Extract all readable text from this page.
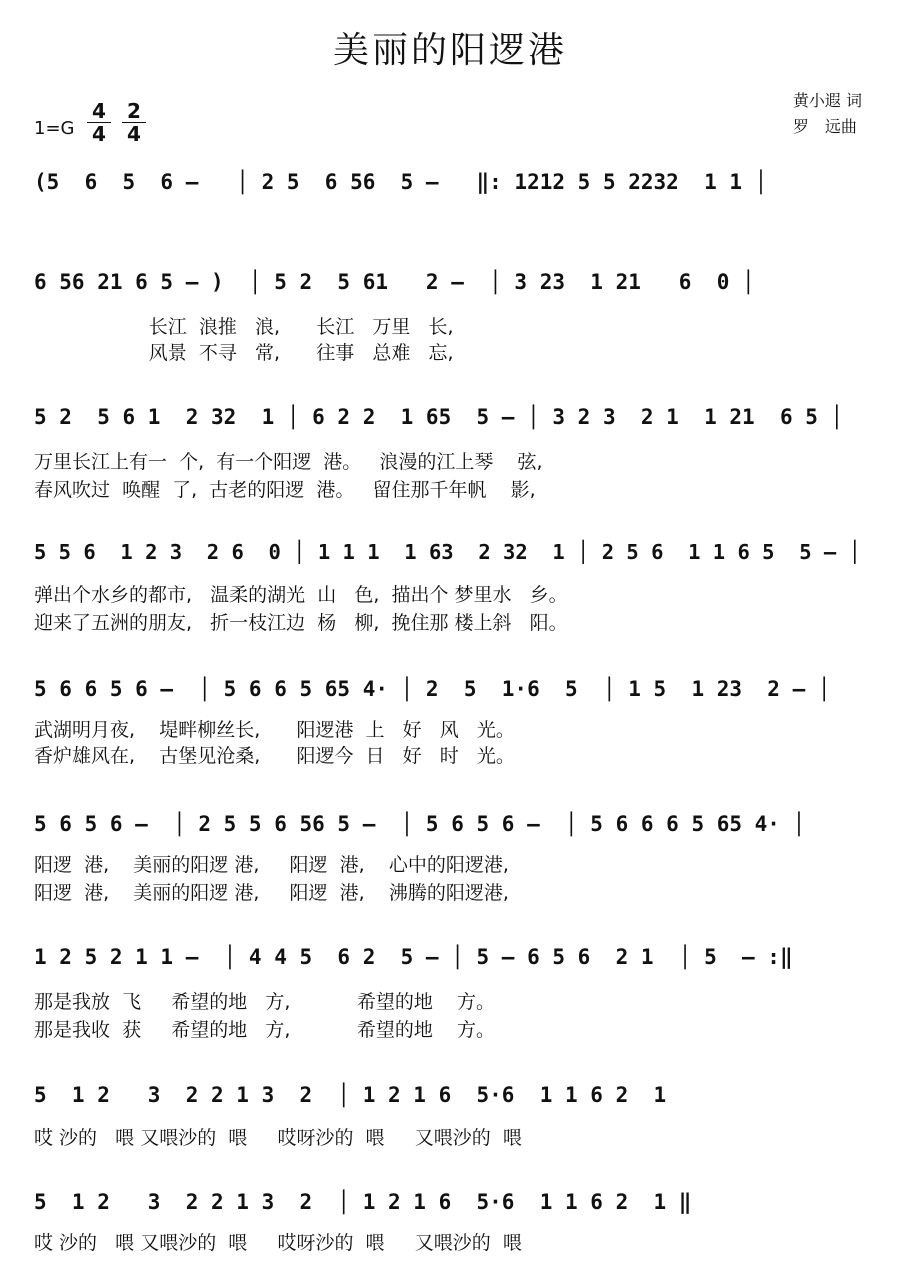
美丽的阳逻港
黄小遐 词
罗　远曲
$1=G \frac{4}{4} \frac{2}{4}$
(5  6  5  6 –   │ 2 5  6 56  5 –   ‖: 1212 5 5 2232  1 1 │
6 56 21 6 5 – )  │ 5 2  5 61   2 –  │ 3 23  1 21   6  0 │
长江  浪推   浪,      长江   万里   长,
风景  不寻   常,      往事   总难   忘,
5 2  5 6 1  2 32  1 │ 6 2 2  1 65  5 – │ 3 2 3  2 1  1 21  6 5 │
万里长江上有一  个,  有一个阳逻  港。   浪漫的江上琴    弦,
春风吹过  唤醒  了,  古老的阳逻  港。   留住那千年帆    影,
5 5 6  1 2 3  2 6  0 │ 1 1 1  1 63  2 32  1 │ 2 5 6  1 1 6 5  5 – │
弹出个水乡的都市,   温柔的湖光  山   色,  描出个 梦里水   乡。
迎来了五洲的朋友,   折一枝江边  杨   柳,  挽住那 楼上斜   阳。
5 6 6 5 6 –  │ 5 6 6 5 65 4· │ 2  5  1·6  5  │ 1 5  1 23  2 – │
武湖明月夜,    堤畔柳丝长,      阳逻港  上   好   风   光。
香炉雄风在,    古堡见沧桑,      阳逻今  日   好   时   光。
5 6 5 6 –  │ 2 5 5 6 56 5 –  │ 5 6 5 6 –  │ 5 6 6 6 5 65 4· │
阳逻  港,    美丽的阳逻 港,     阳逻  港,    心中的阳逻港,
阳逻  港,    美丽的阳逻 港,     阳逻  港,    沸腾的阳逻港,
1 2 5 2 1 1 –  │ 4 4 5  6 2  5 – │ 5 – 6 5 6  2 1  │ 5  – :‖
那是我放  飞     希望的地   方,           希望的地    方。
那是我收  获     希望的地   方,           希望的地    方。
5  1 2   3  2 2 1 3  2  │ 1 2 1 6  5·6  1 1 6 2  1
哎 沙的   喂 又喂沙的  喂     哎呀沙的  喂     又喂沙的  喂
5  1 2   3  2 2 1 3  2  │ 1 2 1 6  5·6  1 1 6 2  1 ‖
哎 沙的   喂 又喂沙的  喂     哎呀沙的  喂     又喂沙的  喂
